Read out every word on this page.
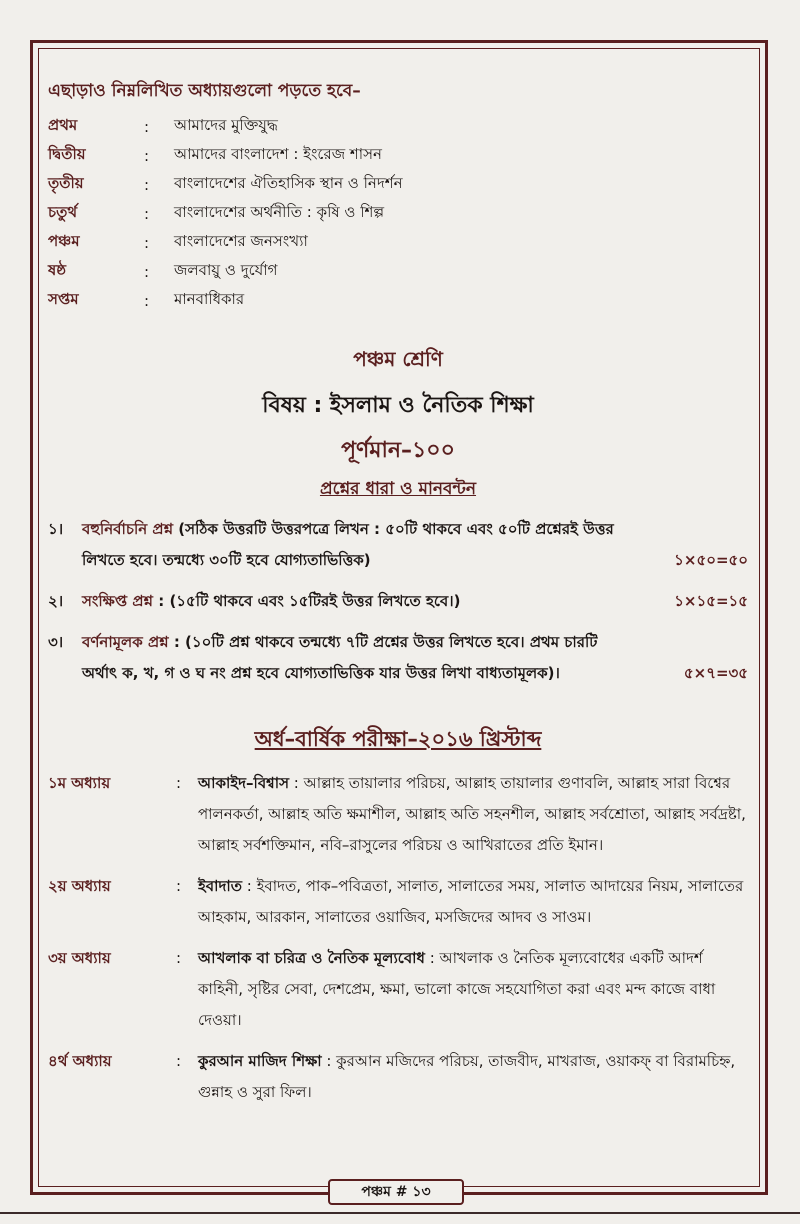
এছাড়াও নিম্নলিখিত অধ্যায়গুলো পড়তে হবে–
প্রথম	:	আমাদের মুক্তিযুদ্ধ
দ্বিতীয়	:	আমাদের বাংলাদেশ : ইংরেজ শাসন
তৃতীয়	:	বাংলাদেশের ঐতিহাসিক স্থান ও নিদর্শন
চতুর্থ	:	বাংলাদেশের অর্থনীতি : কৃষি ও শিল্প
পঞ্চম	:	বাংলাদেশের জনসংখ্যা
ষষ্ঠ	:	জলবায়ু ও দুর্যোগ
সপ্তম	:	মানবাধিকার
পঞ্চম শ্রেণি
বিষয় : ইসলাম ও নৈতিক শিক্ষা
পূর্ণমান–১০০
প্রশ্নের ধারা ও মানবন্টন
১।	বহুনির্বাচনি প্রশ্ন (সঠিক উত্তরটি উত্তরপত্রে লিখন : ৫০টি থাকবে এবং ৫০টি প্রশ্নেরই উত্তর লিখতে হবে। তন্মধ্যে ৩০টি হবে যোগ্যতাভিত্তিক)	১×৫০=৫০
২।	সংক্ষিপ্ত প্রশ্ন : (১৫টি থাকবে এবং ১৫টিরই উত্তর লিখতে হবে।)	১×১৫=১৫
৩।	বর্ণনামূলক প্রশ্ন : (১০টি প্রশ্ন থাকবে তন্মধ্যে ৭টি প্রশ্নের উত্তর লিখতে হবে। প্রথম চারটি অর্থাৎ ক, খ, গ ও ঘ নং প্রশ্ন হবে যোগ্যতাভিত্তিক যার উত্তর লিখা বাধ্যতামূলক)।	৫×৭=৩৫
অর্ধ–বার্ষিক পরীক্ষা–২০১৬ খ্রিস্টাব্দ
১ম অধ্যায়	:	আকাইদ–বিশ্বাস : আল্লাহ তায়ালার পরিচয়, আল্লাহ তায়ালার গুণাবলি, আল্লাহ সারা বিশ্বের পালনকর্তা, আল্লাহ অতি ক্ষমাশীল, আল্লাহ অতি সহনশীল, আল্লাহ সর্বশ্রোতা, আল্লাহ সর্বদ্রষ্টা, আল্লাহ সর্বশক্তিমান, নবি–রাসুলের পরিচয় ও আখিরাতের প্রতি ইমান।
২য় অধ্যায়	:	ইবাদাত : ইবাদত, পাক–পবিত্রতা, সালাত, সালাতের সময়, সালাত আদায়ের নিয়ম, সালাতের আহকাম, আরকান, সালাতের ওয়াজিব, মসজিদের আদব ও সাওম।
৩য় অধ্যায়	:	আখলাক বা চরিত্র ও নৈতিক মূল্যবোধ : আখলাক ও নৈতিক মূল্যবোধের একটি আদর্শ কাহিনী, সৃষ্টির সেবা, দেশপ্রেম, ক্ষমা, ভালো কাজে সহযোগিতা করা এবং মন্দ কাজে বাধা দেওয়া।
৪র্থ অধ্যায়	:	কুরআন মাজিদ শিক্ষা : কুরআন মজিদের পরিচয়, তাজবীদ, মাখরাজ, ওয়াকফ্ বা বিরামচিহ্ন, গুন্নাহ ও সুরা ফিল।
পঞ্চম # ১৩
